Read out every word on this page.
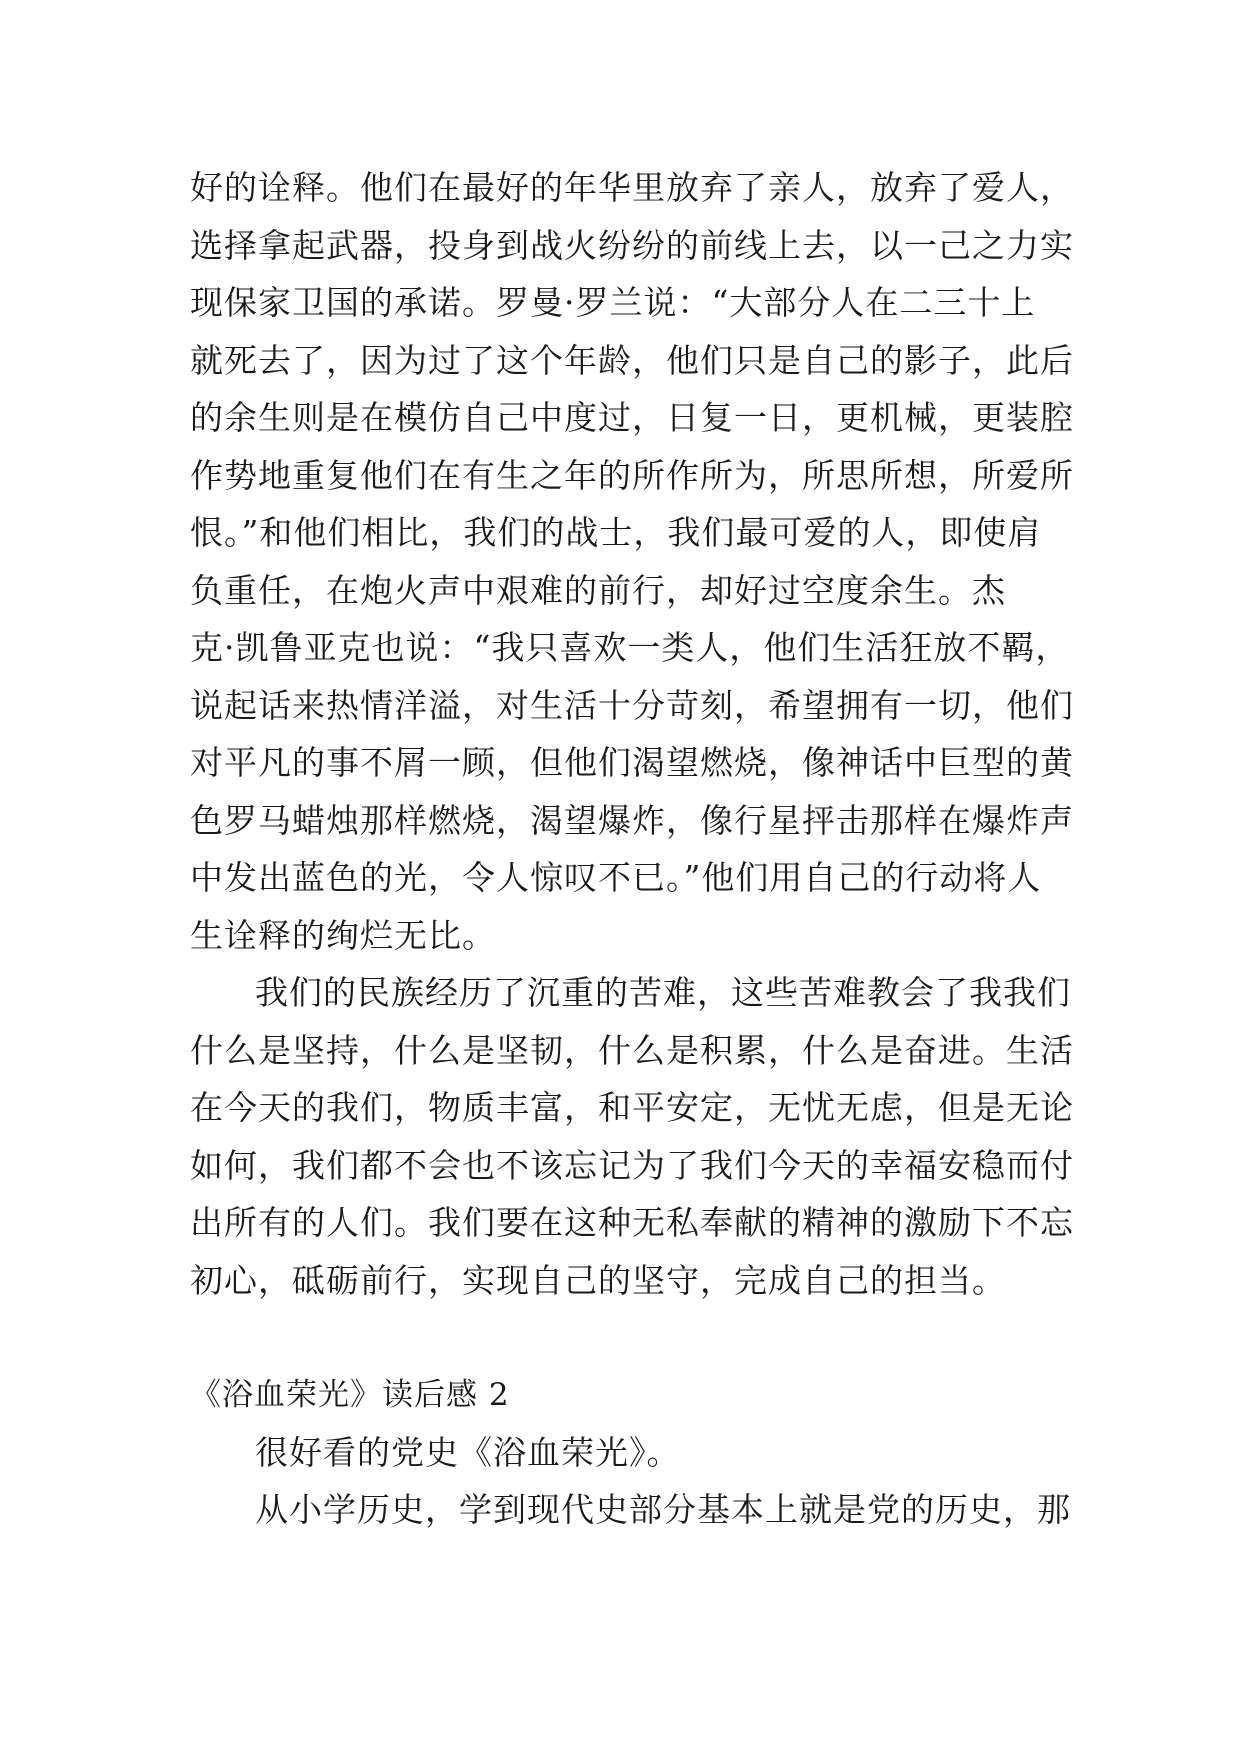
好的诠释。他们在最好的年华里放弃了亲人，放弃了爱人，
选择拿起武器，投身到战火纷纷的前线上去，以一己之力实
现保家卫国的承诺。罗曼·罗兰说：“大部分人在二三十上
就死去了，因为过了这个年龄，他们只是自己的影子，此后
的余生则是在模仿自己中度过，日复一日，更机械，更装腔
作势地重复他们在有生之年的所作所为，所思所想，所爱所
恨。”和他们相比，我们的战士，我们最可爱的人，即使肩
负重任，在炮火声中艰难的前行，却好过空度余生。杰
克·凯鲁亚克也说：“我只喜欢一类人，他们生活狂放不羁，
说起话来热情洋溢，对生活十分苛刻，希望拥有一切，他们
对平凡的事不屑一顾，但他们渴望燃烧，像神话中巨型的黄
色罗马蜡烛那样燃烧，渴望爆炸，像行星抨击那样在爆炸声
中发出蓝色的光，令人惊叹不已。”他们用自己的行动将人
生诠释的绚烂无比。
我们的民族经历了沉重的苦难，这些苦难教会了我我们
什么是坚持，什么是坚韧，什么是积累，什么是奋进。生活
在今天的我们，物质丰富，和平安定，无忧无虑，但是无论
如何，我们都不会也不该忘记为了我们今天的幸福安稳而付
出所有的人们。我们要在这种无私奉献的精神的激励下不忘
初心，砥砺前行，实现自己的坚守，完成自己的担当。
《浴血荣光》读后感 2
很好看的党史《浴血荣光》。
从小学历史，学到现代史部分基本上就是党的历史，那
